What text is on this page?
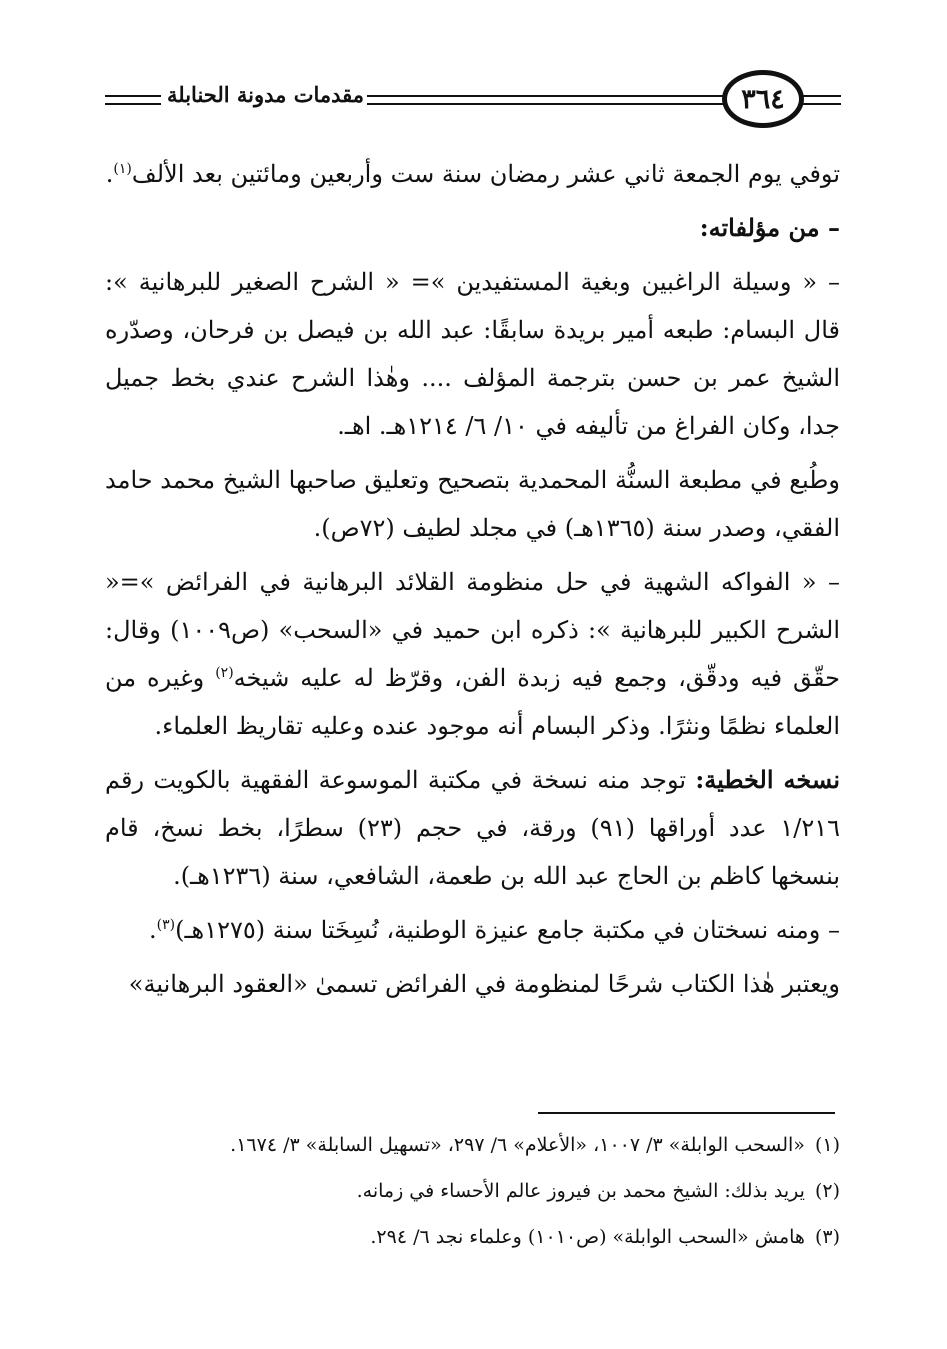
مقدمات مدونة الحنابلة	٣٦٤

توفي يوم الجمعة ثاني عشر رمضان سنة ست وأربعين ومائتين بعد الألف$^{(١)}$.

– من مؤلفاته:

– « وسيلة الراغبين وبغية المستفيدين »= « الشرح الصغير للبرهانية »: قال البسام: طبعه أمير بريدة سابقًا: عبد الله بن فيصل بن فرحان، وصدّره الشيخ عمر بن حسن بترجمة المؤلف .... وهٰذا الشرح عندي بخط جميل جدا، وكان الفراغ من تأليفه في ١٠/ ٦/ ١٢١٤هـ. اهـ.

وطُبع في مطبعة السنُّة المحمدية بتصحيح وتعليق صاحبها الشيخ محمد حامد الفقي، وصدر سنة (١٣٦٥هـ) في مجلد لطيف (٧٢ص).

– « الفواكه الشهية في حل منظومة القلائد البرهانية في الفرائض »=« الشرح الكبير للبرهانية »: ذكره ابن حميد في «السحب» (ص١٠٠٩) وقال: حقّق فيه ودقّق، وجمع فيه زبدة الفن، وقرّظ له عليه شيخه$^{(٢)}$ وغيره من العلماء نظمًا ونثرًا. وذكر البسام أنه موجود عنده وعليه تقاريظ العلماء.

نسخه الخطية: توجد منه نسخة في مكتبة الموسوعة الفقهية بالكويت رقم ١/٢١٦ عدد أوراقها (٩١) ورقة، في حجم (٢٣) سطرًا، بخط نسخ، قام بنسخها كاظم بن الحاج عبد الله بن طعمة، الشافعي، سنة (١٢٣٦هـ).

– ومنه نسختان في مكتبة جامع عنيزة الوطنية، نُسِخَتا سنة (١٢٧٥هـ)$^{(٣)}$.

ويعتبر هٰذا الكتاب شرحًا لمنظومة في الفرائض تسمىٰ «العقود البرهانية»

(١)«السحب الوابلة» ٣/ ١٠٠٧، «الأعلام» ٦/ ٢٩٧، «تسهيل السابلة» ٣/ ١٦٧٤.

(٢)يريد بذلك: الشيخ محمد بن فيروز عالم الأحساء في زمانه.

(٣)هامش «السحب الوابلة» (ص١٠١٠) وعلماء نجد ٦/ ٢٩٤.
